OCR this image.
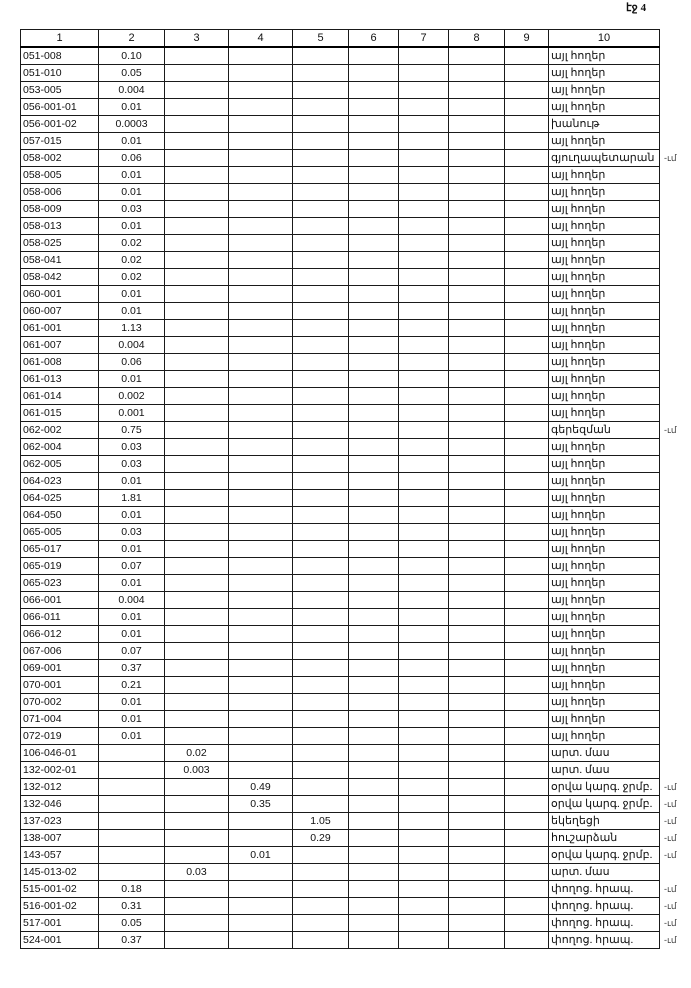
էջ 4
1	2	3	4	5	6	7	8	9	10
051-008	0.10								այլ հողեր
051-010	0.05								այլ հողեր
053-005	0.004								այլ հողեր
056-001-01	0.01								այլ հողեր
056-001-02	0.0003								խանութ
057-015	0.01								այլ հողեր
058-002	0.06								գյուղապետարան
058-005	0.01								այլ հողեր
058-006	0.01								այլ հողեր
058-009	0.03								այլ հողեր
058-013	0.01								այլ հողեր
058-025	0.02								այլ հողեր
058-041	0.02								այլ հողեր
058-042	0.02								այլ հողեր
060-001	0.01								այլ հողեր
060-007	0.01								այլ հողեր
061-001	1.13								այլ հողեր
061-007	0.004								այլ հողեր
061-008	0.06								այլ հողեր
061-013	0.01								այլ հողեր
061-014	0.002								այլ հողեր
061-015	0.001								այլ հողեր
062-002	0.75								գերեզման
062-004	0.03								այլ հողեր
062-005	0.03								այլ հողեր
064-023	0.01								այլ հողեր
064-025	1.81								այլ հողեր
064-050	0.01								այլ հողեր
065-005	0.03								այլ հողեր
065-017	0.01								այլ հողեր
065-019	0.07								այլ հողեր
065-023	0.01								այլ հողեր
066-001	0.004								այլ հողեր
066-011	0.01								այլ հողեր
066-012	0.01								այլ հողեր
067-006	0.07								այլ հողեր
069-001	0.37								այլ հողեր
070-001	0.21								այլ հողեր
070-002	0.01								այլ հողեր
071-004	0.01								այլ հողեր
072-019	0.01								այլ հողեր
106-046-01		0.02							արտ. մաս
132-002-01		0.003							արտ. մաս
132-012			0.49						օրվա կարգ. ջրմբ.
132-046			0.35						օրվա կարգ. ջրմբ.
137-023				1.05					եկեղեցի
138-007				0.29					հուշարձան
143-057			0.01						օրվա կարգ. ջրմբ.
145-013-02		0.03							արտ. մաս
515-001-02	0.18								փողոց. հրապ.
516-001-02	0.31								փողոց. հրապ.
517-001	0.05								փողոց. հրապ.
524-001	0.37								փողոց. հրապ.
-ւմ
-ւմ
-ւմ
-ւմ
-ւմ
-ւմ
-ւմ
-ւմ
-ւմ
-ւմ
-ւմ
